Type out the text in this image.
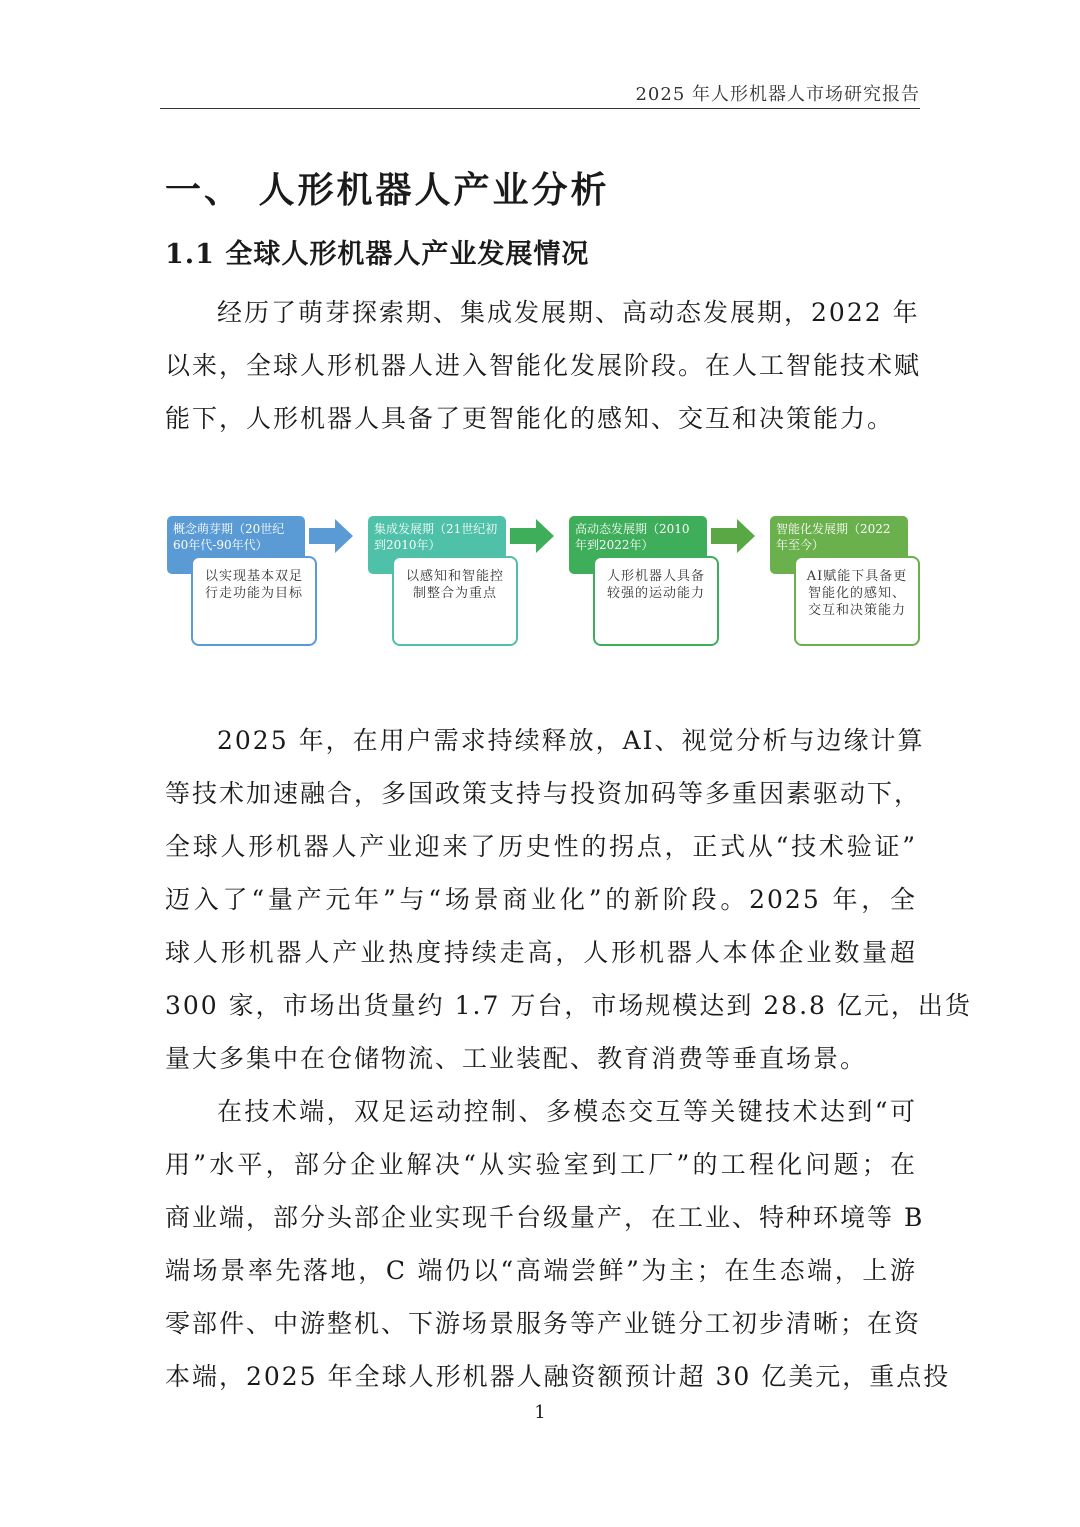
2025 年人形机器人市场研究报告
一、 人形机器人产业分析
1.1 全球人形机器人产业发展情况
经历了萌芽探索期、集成发展期、高动态发展期，2022 年
以来，全球人形机器人进入智能化发展阶段。在人工智能技术赋
能下，人形机器人具备了更智能化的感知、交互和决策能力。
概念萌芽期（20世纪60年代-90年代）
以实现基本双足行走功能为目标
集成发展期（21世纪初到2010年）
以感知和智能控制整合为重点
高动态发展期（2010年到2022年）
人形机器人具备较强的运动能力
智能化发展期（2022年至今）
AI赋能下具备更智能化的感知、交互和决策能力
2025 年，在用户需求持续释放，AI、视觉分析与边缘计算
等技术加速融合，多国政策支持与投资加码等多重因素驱动下，
全球人形机器人产业迎来了历史性的拐点，正式从“技术验证”
迈入了“量产元年”与“场景商业化”的新阶段。2025 年，全
球人形机器人产业热度持续走高，人形机器人本体企业数量超
300 家，市场出货量约 1.7 万台，市场规模达到 28.8 亿元，出货
量大多集中在仓储物流、工业装配、教育消费等垂直场景。
在技术端，双足运动控制、多模态交互等关键技术达到“可
用”水平，部分企业解决“从实验室到工厂”的工程化问题；在
商业端，部分头部企业实现千台级量产，在工业、特种环境等 B
端场景率先落地，C 端仍以“高端尝鲜”为主；在生态端，上游
零部件、中游整机、下游场景服务等产业链分工初步清晰；在资
本端，2025 年全球人形机器人融资额预计超 30 亿美元，重点投
1
